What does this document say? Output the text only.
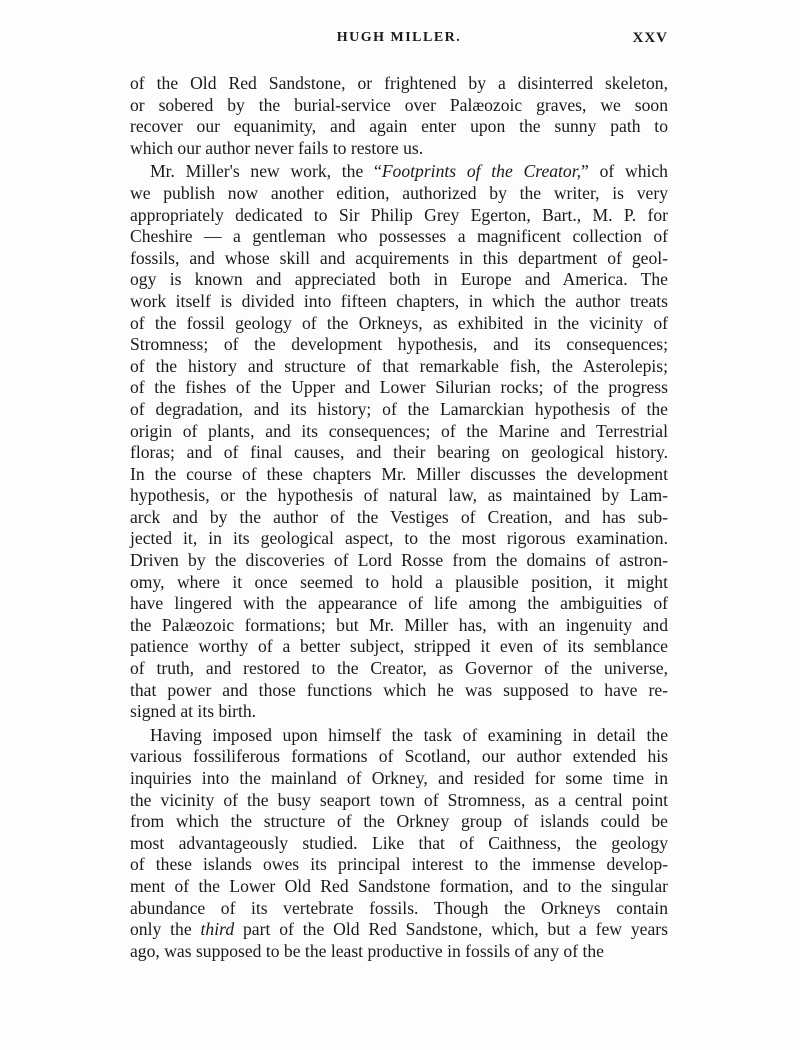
HUGH MILLER.	XXV
of the Old Red Sandstone, or frightened by a disinterred skeleton,
or sobered by the burial-service over Palæozoic graves, we soon
recover our equanimity, and again enter upon the sunny path to
which our author never fails to restore us.
Mr. Miller's new work, the “Footprints of the Creator,” of which
we publish now another edition, authorized by the writer, is very
appropriately dedicated to Sir Philip Grey Egerton, Bart., M. P. for
Cheshire — a gentleman who possesses a magnificent collection of
fossils, and whose skill and acquirements in this department of geol-
ogy is known and appreciated both in Europe and America. The
work itself is divided into fifteen chapters, in which the author treats
of the fossil geology of the Orkneys, as exhibited in the vicinity of
Stromness; of the development hypothesis, and its consequences;
of the history and structure of that remarkable fish, the Asterolepis;
of the fishes of the Upper and Lower Silurian rocks; of the progress
of degradation, and its history; of the Lamarckian hypothesis of the
origin of plants, and its consequences; of the Marine and Terrestrial
floras; and of final causes, and their bearing on geological history.
In the course of these chapters Mr. Miller discusses the development
hypothesis, or the hypothesis of natural law, as maintained by Lam-
arck and by the author of the Vestiges of Creation, and has sub-
jected it, in its geological aspect, to the most rigorous examination.
Driven by the discoveries of Lord Rosse from the domains of astron-
omy, where it once seemed to hold a plausible position, it might
have lingered with the appearance of life among the ambiguities of
the Palæozoic formations; but Mr. Miller has, with an ingenuity and
patience worthy of a better subject, stripped it even of its semblance
of truth, and restored to the Creator, as Governor of the universe,
that power and those functions which he was supposed to have re-
signed at its birth.
Having imposed upon himself the task of examining in detail the
various fossiliferous formations of Scotland, our author extended his
inquiries into the mainland of Orkney, and resided for some time in
the vicinity of the busy seaport town of Stromness, as a central point
from which the structure of the Orkney group of islands could be
most advantageously studied. Like that of Caithness, the geology
of these islands owes its principal interest to the immense develop-
ment of the Lower Old Red Sandstone formation, and to the singular
abundance of its vertebrate fossils. Though the Orkneys contain
only the third part of the Old Red Sandstone, which, but a few years
ago, was supposed to be the least productive in fossils of any of the
